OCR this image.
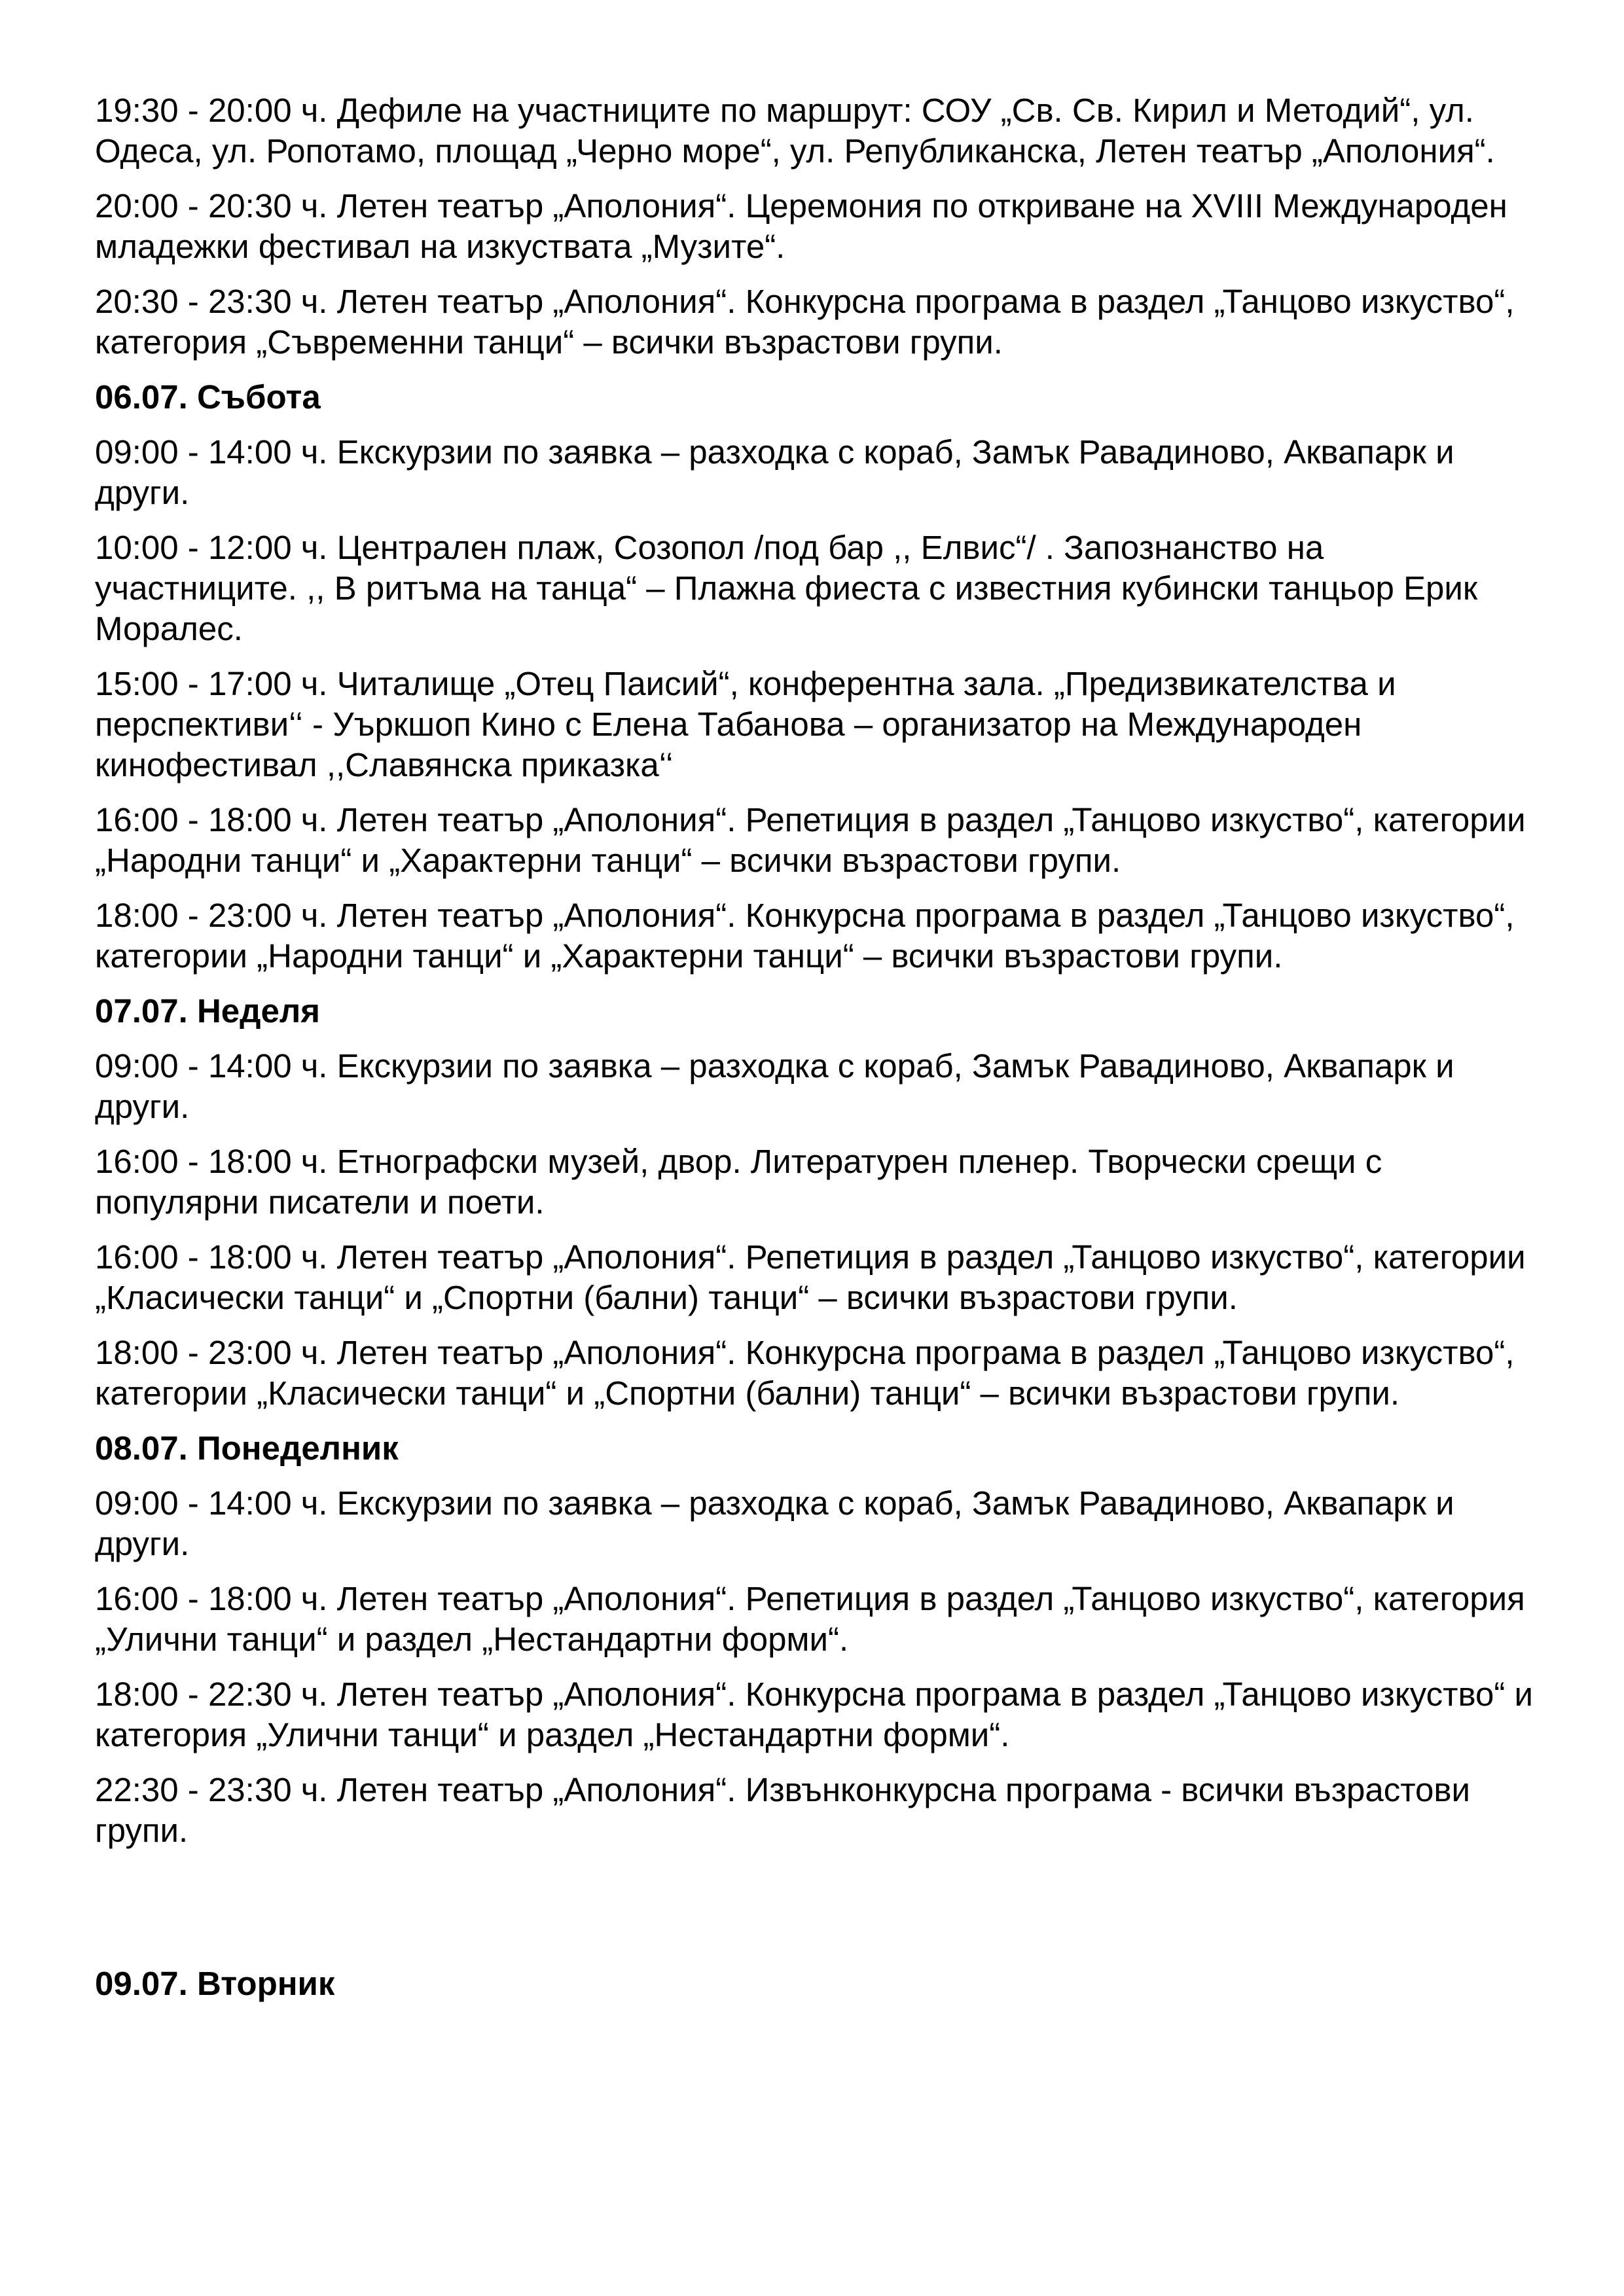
19:30 - 20:00 ч. Дефиле на участниците по маршрут: СОУ „Св. Св. Кирил и Методий“, ул. Одеса, ул. Ропотамо, площад „Черно море“, ул. Републиканска, Летен театър „Аполония“.
20:00 - 20:30 ч. Летен театър „Аполония“. Церемония по откриване на XVIII Международен младежки фестивал на изкуствата „Музите“.
20:30 - 23:30 ч. Летен театър „Аполония“. Конкурсна програма в раздел „Танцово изкуство“, категория „Съвременни танци“ – всички възрастови групи.
06.07. Събота
09:00 - 14:00 ч. Екскурзии по заявка – разходка с кораб, Замък Равадиново, Аквапарк и други.
10:00 - 12:00 ч. Централен плаж, Созопол /под бар ,, Елвис“/ . Запознанство на участниците. ,, В ритъма на танца“ – Плажна фиеста с известния кубински танцьор Ерик Моралес.
15:00 - 17:00 ч. Читалище „Отец Паисий“, конферентна зала. „Предизвикателства и перспективи‘‘ - Уъркшоп Кино с Елена Табанова – организатор на Международен кинофестивал ,,Славянска приказка‘‘
16:00 - 18:00 ч. Летен театър „Аполония“. Репетиция в раздел „Танцово изкуство“, категории „Народни танци“ и „Характерни танци“ – всички възрастови групи.
18:00 - 23:00 ч. Летен театър „Аполония“. Конкурсна програма в раздел „Танцово изкуство“, категории „Народни танци“ и „Характерни танци“ – всички възрастови групи.
07.07. Неделя
09:00 - 14:00 ч. Екскурзии по заявка – разходка с кораб, Замък Равадиново, Аквапарк и други.
16:00 - 18:00 ч. Етнографски музей, двор. Литературен пленер. Творчески срещи с популярни писатели и поети.
16:00 - 18:00 ч. Летен театър „Аполония“. Репетиция в раздел „Танцово изкуство“, категории „Класически танци“ и „Спортни (бални) танци“ – всички възрастови групи.
18:00 - 23:00 ч. Летен театър „Аполония“. Конкурсна програма в раздел „Танцово изкуство“, категории „Класически танци“ и „Спортни (бални) танци“ – всички възрастови групи.
08.07. Понеделник
09:00 - 14:00 ч. Екскурзии по заявка – разходка с кораб, Замък Равадиново, Аквапарк и други.
16:00 - 18:00 ч. Летен театър „Аполония“. Репетиция в раздел „Танцово изкуство“, категория „Улични танци“ и раздел „Нестандартни форми“.
18:00 - 22:30 ч. Летен театър „Аполония“. Конкурсна програма в раздел „Танцово изкуство“ и категория „Улични танци“ и раздел „Нестандартни форми“.
22:30 - 23:30 ч. Летен театър „Аполония“. Извънконкурсна програма - всички възрастови групи.
09.07. Вторник
